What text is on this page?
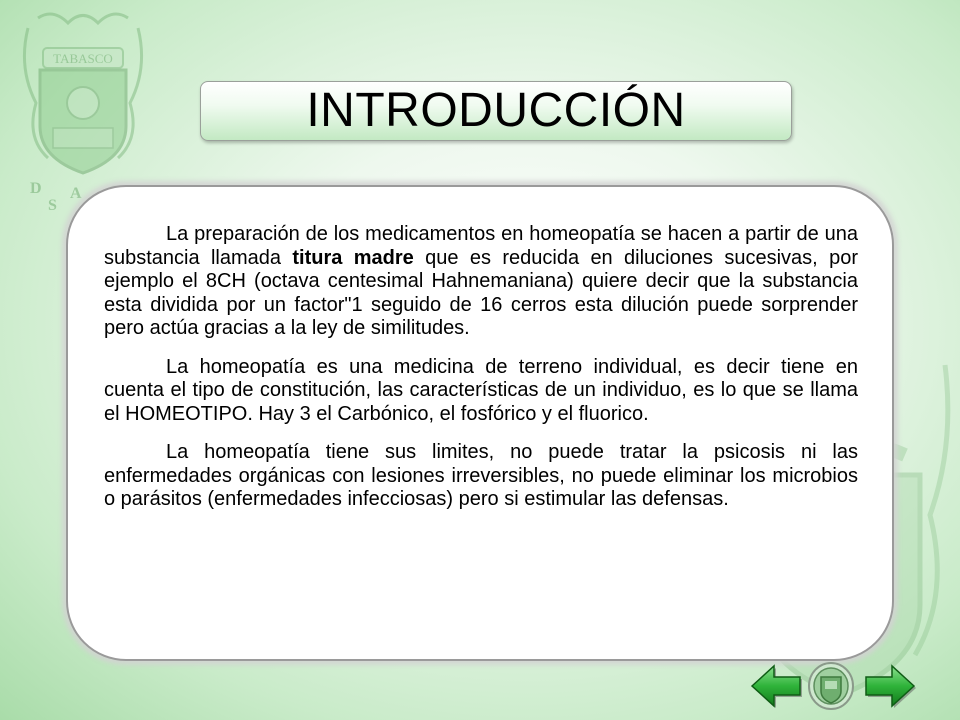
TABASCO
D A
S
INTRODUCCIÓN

La preparación de los medicamentos en homeopatía se hacen a partir de una substancia llamada titura madre que es reducida en diluciones sucesivas, por ejemplo el 8CH (octava centesimal Hahnemaniana) quiere decir que la substancia esta dividida por un factor"1 seguido de 16 cerros esta dilución puede sorprender pero actúa gracias a la ley de similitudes.

La homeopatía es una medicina de terreno individual, es decir tiene en cuenta el tipo de constitución, las características de un individuo, es lo que se llama el HOMEOTIPO. Hay 3 el Carbónico, el fosfórico y el fluorico.

La homeopatía tiene sus limites, no puede tratar la psicosis ni las enfermedades orgánicas con lesiones irreversibles, no puede eliminar los microbios o parásitos (enfermedades infecciosas) pero si estimular las defensas.
